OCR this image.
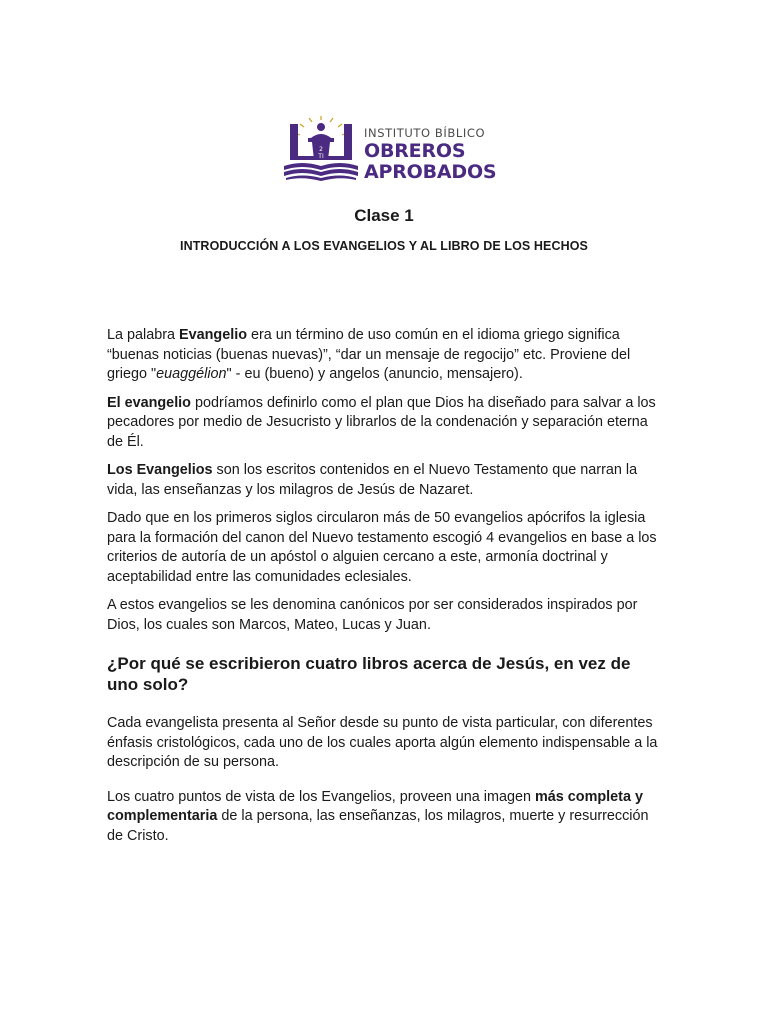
2
TI
INSTITUTO BÍBLICO
OBREROS
APROBADOS
Clase 1
INTRODUCCIÓN A LOS EVANGELIOS Y AL LIBRO DE LOS HECHOS

La palabra Evangelio era un término de uso común en el idioma griego significa “buenas noticias (buenas nuevas)”, “dar un mensaje de regocijo” etc. Proviene del griego "euaggélion" - eu (bueno) y angelos (anuncio, mensajero).

El evangelio podríamos definirlo como el plan que Dios ha diseñado para salvar a los pecadores por medio de Jesucristo y librarlos de la condenación y separación eterna de Él.

Los Evangelios son los escritos contenidos en el Nuevo Testamento que narran la vida, las enseñanzas y los milagros de Jesús de Nazaret.

Dado que en los primeros siglos circularon más de 50 evangelios apócrifos la iglesia para la formación del canon del Nuevo testamento escogió 4 evangelios en base a los criterios de autoría de un apóstol o alguien cercano a este, armonía doctrinal y aceptabilidad entre las comunidades eclesiales.

A estos evangelios se les denomina canónicos por ser considerados inspirados por Dios, los cuales son Marcos, Mateo, Lucas y Juan.

¿Por qué se escribieron cuatro libros acerca de Jesús, en vez de uno solo?

Cada evangelista presenta al Señor desde su punto de vista particular, con diferentes énfasis cristológicos, cada uno de los cuales aporta algún elemento indispensable a la descripción de su persona.

Los cuatro puntos de vista de los Evangelios, proveen una imagen más completa y complementaria de la persona, las enseñanzas, los milagros, muerte y resurrección de Cristo.
